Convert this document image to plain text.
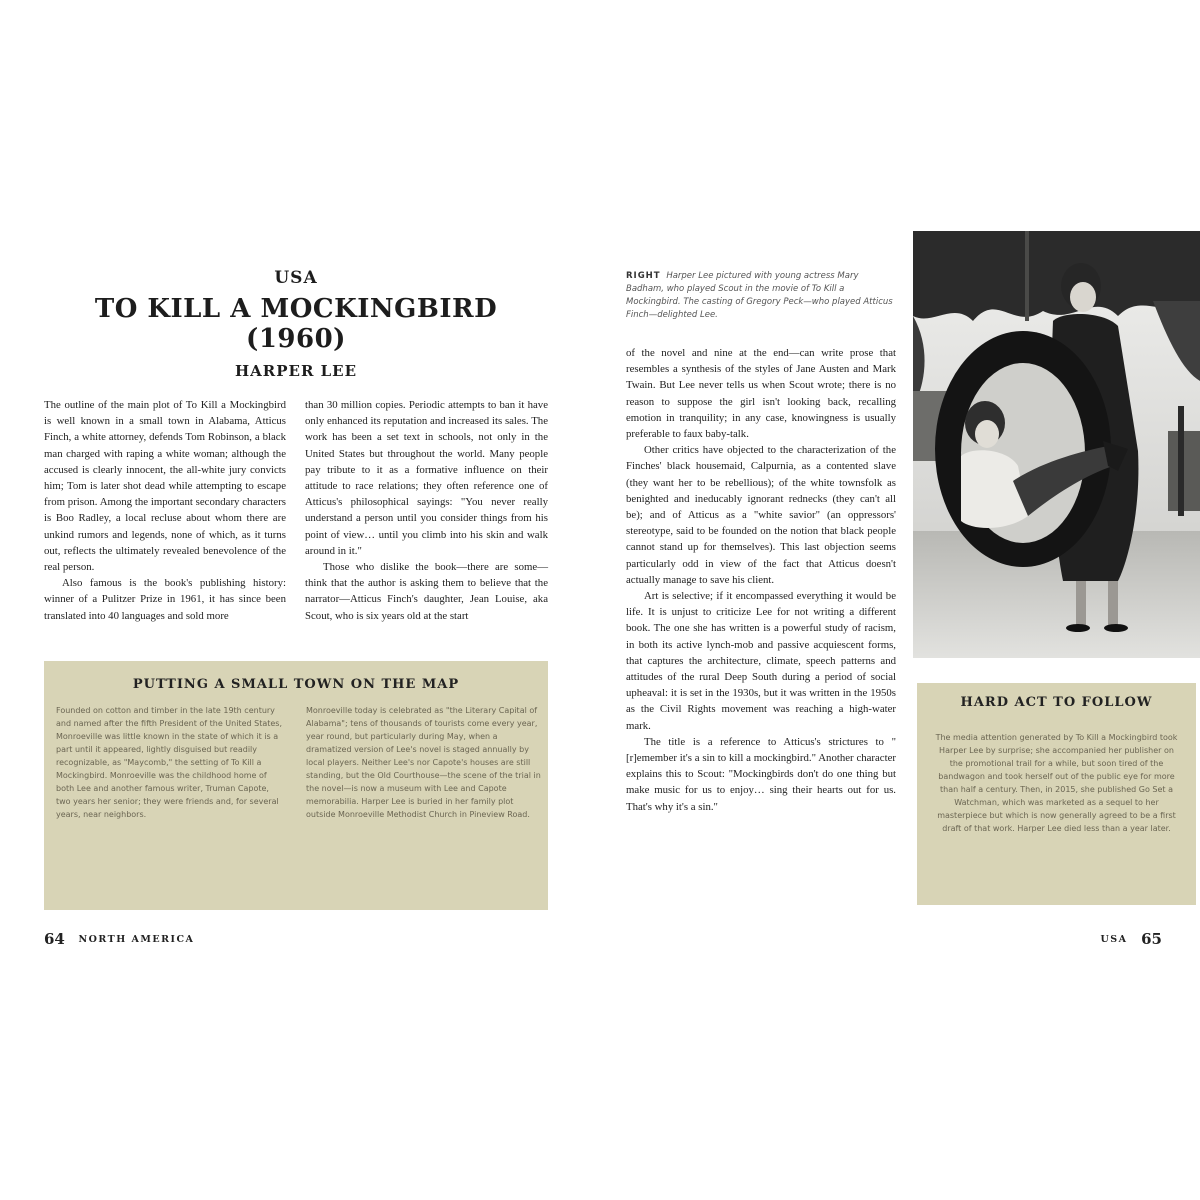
USA
TO KILL A MOCKINGBIRD (1960)
HARPER LEE

The outline of the main plot of To Kill a Mockingbird is well known in a small town in Alabama, Atticus Finch, a white attorney, defends Tom Robinson, a black man charged with raping a white woman; although the accused is clearly innocent, the all-white jury convicts him; Tom is later shot dead while attempting to escape from prison. Among the important secondary characters is Boo Radley, a local recluse about whom there are unkind rumors and legends, none of which, as it turns out, reflects the ultimately revealed benevolence of the real person.

Also famous is the book's publishing history: winner of a Pulitzer Prize in 1961, it has since been translated into 40 languages and sold more

than 30 million copies. Periodic attempts to ban it have only enhanced its reputation and increased its sales. The work has been a set text in schools, not only in the United States but throughout the world. Many people pay tribute to it as a formative influence on their attitude to race relations; they often reference one of Atticus's philosophical sayings: "You never really understand a person until you consider things from his point of view… until you climb into his skin and walk around in it."

Those who dislike the book—there are some—think that the author is asking them to believe that the narrator—Atticus Finch's daughter, Jean Louise, aka Scout, who is six years old at the start

PUTTING A SMALL TOWN ON THE MAP
Founded on cotton and timber in the late 19th century and named after the fifth President of the United States, Monroeville was little known in the state of which it is a part until it appeared, lightly disguised but readily recognizable, as "Maycomb," the setting of To Kill a Mockingbird. Monroeville was the childhood home of both Lee and another famous writer, Truman Capote, two years her senior; they were friends and, for several years, near neighbors.
Monroeville today is celebrated as "the Literary Capital of Alabama"; tens of thousands of tourists come every year, year round, but particularly during May, when a dramatized version of Lee's novel is staged annually by local players. Neither Lee's nor Capote's houses are still standing, but the Old Courthouse—the scene of the trial in the novel—is now a museum with Lee and Capote memorabilia. Harper Lee is buried in her family plot outside Monroeville Methodist Church in Pineview Road.
RIGHT Harper Lee pictured with young actress Mary Badham, who played Scout in the movie of To Kill a Mockingbird. The casting of Gregory Peck—who played Atticus Finch—delighted Lee.

of the novel and nine at the end—can write prose that resembles a synthesis of the styles of Jane Austen and Mark Twain. But Lee never tells us when Scout wrote; there is no reason to suppose the girl isn't looking back, recalling emotion in tranquility; in any case, knowingness is usually preferable to faux baby-talk.

Other critics have objected to the characterization of the Finches' black housemaid, Calpurnia, as a contented slave (they want her to be rebellious); of the white townsfolk as benighted and ineducably ignorant rednecks (they can't all be); and of Atticus as a "white savior" (an oppressors' stereotype, said to be founded on the notion that black people cannot stand up for themselves). This last objection seems particularly odd in view of the fact that Atticus doesn't actually manage to save his client.

Art is selective; if it encompassed everything it would be life. It is unjust to criticize Lee for not writing a different book. The one she has written is a powerful study of racism, in both its active lynch-mob and passive acquiescent forms, that captures the architecture, climate, speech patterns and attitudes of the rural Deep South during a period of social upheaval: it is set in the 1930s, but it was written in the 1950s as the Civil Rights movement was reaching a high-water mark.

The title is a reference to Atticus's strictures to "[r]emember it's a sin to kill a mockingbird." Another character explains this to Scout: "Mockingbirds don't do one thing but make music for us to enjoy… sing their hearts out for us. That's why it's a sin."

HARD ACT TO FOLLOW
The media attention generated by To Kill a Mockingbird took Harper Lee by surprise; she accompanied her publisher on the promotional trail for a while, but soon tired of the bandwagon and took herself out of the public eye for more than half a century. Then, in 2015, she published Go Set a Watchman, which was marketed as a sequel to her masterpiece but which is now generally agreed to be a first draft of that work. Harper Lee died less than a year later.
64 NORTH AMERICA	USA 65
